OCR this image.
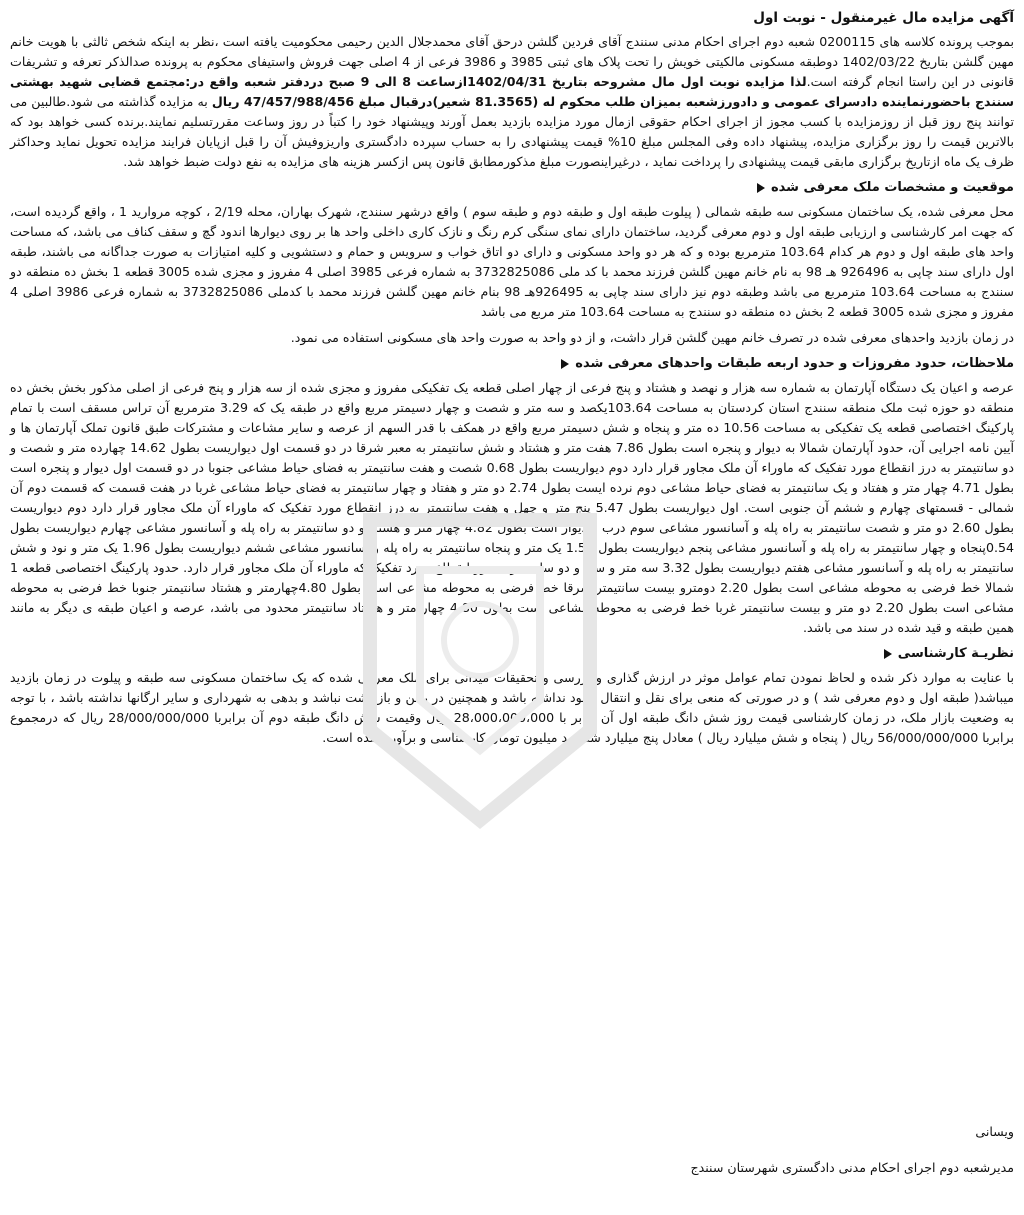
آگهی مزایده مال غیرمنقول - نوبت اول

بموجب پرونده کلاسه های 0200115 شعبه دوم اجرای احکام مدنی سنندج آقای فردین گلشن درحق آقای محمدجلال الدین رحیمی محکومیت یافته است ،نظر به اینکه شخص ثالثی با هویت خانم مهین گلشن بتاریخ 1402/03/22 دوطبقه مسکونی مالکیتی خویش را تحت پلاک های ثبتی 3985 و 3986 فرعی از 4 اصلی جهت فروش واستیفای محکوم به پرونده صدالذکر تعرفه و تشریفات قانونی در این راستا انجام گرفته است.لذا مزایده نوبت اول مال مشروحه بتاریخ 1402/04/31ازساعت 8 الی 9 صبح دردفتر شعبه واقع در:مجتمع قضایی شهید بهشتی سنندج باحضورنماینده دادسرای عمومی و دادورزشعبه بمیزان طلب محکوم له (81.3565 شعیر)درقبال مبلغ 47/457/988/456 ریال به مزایده گذاشته می شود.طالبین می توانند پنج روز قبل از روزمزایده با کسب مجوز از اجرای احکام حقوقی ازمال مورد مزایده بازدید بعمل آورند وپیشنهاد خود را کتباً در روز وساعت مقررتسلیم نمایند.برنده کسی خواهد بود که بالاترین قیمت را روز برگزاری مزایده، پیشنهاد داده وفی المجلس مبلغ 10% قیمت پیشنهادی را به حساب سپرده دادگستری واریزوفیش آن را قبل ازپایان فرایند مزایده تحویل نماید وحداکثر ظرف یک ماه ازتاریخ برگزاری مابقی قیمت پیشنهادی را پرداخت نماید ، درغیراینصورت مبلغ مذکورمطابق قانون پس ازکسر هزینه های مزایده به نفع دولت ضبط خواهد شد.

موقعیت و مشخصات ملک معرفی شده

محل معرفی شده، یک ساختمان مسکونی سه طبقه شمالی ( پیلوت طبقه اول و طبقه دوم و طبقه سوم ) واقع درشهر سنندج، شهرک بهاران، محله 2/19 ، کوچه مروارید 1 ، واقع گردیده است، که جهت امر کارشناسی و ارزیابی طبقه اول و دوم معرفی گردید، ساختمان دارای نمای سنگی کرم رنگ و نازک کاری داخلی واحد ها بر روی دیوارها اندود گچ و سقف کناف می باشد، که مساحت واحد های طبقه اول و دوم هر کدام 103.64 مترمربع بوده و که هر دو واحد مسکونی و دارای دو اتاق خواب و سرویس و حمام و دستشویی و کلیه امتیازات به صورت جداگانه می باشند، طبقه اول دارای سند چاپی به 926496 هـ 98 به نام خانم مهین گلشن فرزند محمد با کد ملی 3732825086 به شماره فرعی 3985 اصلی 4 مفروز و مجزی شده 3005 قطعه 1 بخش ده منطقه دو سنندج به مساحت 103.64 مترمربع می باشد وطبقه دوم نیز دارای سند چاپی به 926495هـ 98 بنام خانم مهین گلشن فرزند محمد با کدملی 3732825086 به شماره فرعی 3986 اصلی 4 مفروز و مجزی شده 3005 قطعه 2 بخش ده منطقه دو سنندج به مساحت 103.64 متر مربع می باشد

در زمان بازدید واحدهای معرفی شده در تصرف خانم مهین گلشن قرار داشت، و از دو واحد به صورت واحد های مسکونی استفاده می نمود.

ملاحظات، حدود مفروزات و حدود اربعه طبقات واحدهای معرفی شده

عرصه و اعیان یک دستگاه آپارتمان به شماره سه هزار و نهصد و هشتاد و پنج فرعی از چهار اصلی قطعه یک تفکیکی مفروز و مجزی شده از سه هزار و پنج فرعی از اصلی مذکور بخش بخش ده منطقه دو حوزه ثبت ملک منطقه سنندج استان کردستان به مساحت 103.64یکصد و سه متر و شصت و چهار دسیمتر مربع واقع در طبقه یک که 3.29 مترمربع آن تراس مسقف است با تمام پارکینگ اختصاصی قطعه یک تفکیکی به مساحت 10.56 ده متر و پنجاه و شش دسیمتر مربع واقع در همکف با قدر السهم از عرصه و سایر مشاعات و مشترکات طبق قانون تملک آپارتمان ها و آیین نامه اجرایی آن، حدود آپارتمان شمالا به دیوار و پنجره است بطول 7.86 هفت متر و هشتاد و شش سانتیمتر به معبر شرقا در دو قسمت اول دیواریست بطول 14.62 چهارده متر و شصت و دو سانتیمتر به درز انقطاع مورد تفکیک که ماوراء آن ملک مجاور قرار دارد دوم دیواریست بطول 0.68 شصت و هفت سانتیمتر به فضای حیاط مشاعی جنوبا در دو قسمت اول دیوار و پنجره است بطول 4.71 چهار متر و هفتاد و یک سانتیمتر به فضای حیاط مشاعی دوم نرده ایست بطول 2.74 دو متر و هفتاد و چهار سانتیمتر به فضای حیاط مشاعی غربا در هفت قسمت که قسمت دوم آن شمالی - قسمتهای چهارم و ششم آن جنوبی است. اول دیواریست بطول 5.47 پنج متر و چهل و هفت سانتیمتر به درز انقطاع مورد تفکیک که ماوراء آن ملک مجاور قرار دارد دوم دیواریست بطول 2.60 دو متر و شصت سانتیمتر به راه پله و آسانسور مشاعی سوم درب و دیوار است بطول 4.82 چهار متر و هشتاد و دو سانتیمتر به راه پله و آسانسور مشاعی چهارم دیواریست بطول 0.54پنجاه و چهار سانتیمتر به راه پله و آسانسور مشاعی پنجم دیواریست بطول 1.50 یک متر و پنجاه سانتیمتر به راه پله و آسانسور مشاعی ششم دیواریست بطول 1.96 یک متر و نود و شش سانتیمتر به راه پله و آسانسور مشاعی هفتم دیواریست بطول 3.32 سه متر و سی و دو سانتیمتر به درز انقطاع مورد تفکیک که ماوراء آن ملک مجاور قرار دارد. حدود پارکینگ اختصاصی قطعه 1 شمالا خط فرضی به محوطه مشاعی است بطول 2.20 دومترو بیست سانتیمتر شرقا خط فرضی به محوطه مشاعی است بطول 4.80چهارمتر و هشتاد سانتیمتر جنوبا خط فرضی به محوطه مشاعی است بطول 2.20 دو متر و بیست سانتیمتر غربا خط فرضی به محوطه مشاعی است بطول 4.80 چهار متر و هشتاد سانتیمتر محدود می باشد، عرصه و اعیان طبقه ی دیگر به مانند همین طبقه و قید شده در سند می باشد.

نظریـة كارشناسی

با عنایت به موارد ذکر شده و لحاظ نمودن تمام عوامل موثر در ارزش گذاری و بررسی و تحقیقات میدانی برای ملک معرفی شده که یک ساختمان مسکونی سه طبقه و پیلوت در زمان بازدید میباشد( طبقه اول و دوم معرفی شد ) و در صورتی که منعی برای نقل و انتقال وجود نداشته باشد و همچنین در رهن و بازداشت نباشد و بدهی به شهرداری و سایر ارگانها نداشته باشد ، با توجه به وضعیت بازار ملک، در زمان کارشناسی قیمت روز شش دانگ طبقه اول آن برابر با 28،000،000،000 ریال وقیمت شش دانگ طبقه دوم آن برابربا 28/000/000/000 ریال که درمجموع برابربا 56/000/000/000 ریال ( پنجاه و شش میلیارد ریال ) معادل پنج میلیارد ششصد میلیون تومان کارشناسی و برآورد شده است.

ویسانی
مدیرشعبه دوم اجرای احکام مدنی دادگستری شهرستان سنندج
